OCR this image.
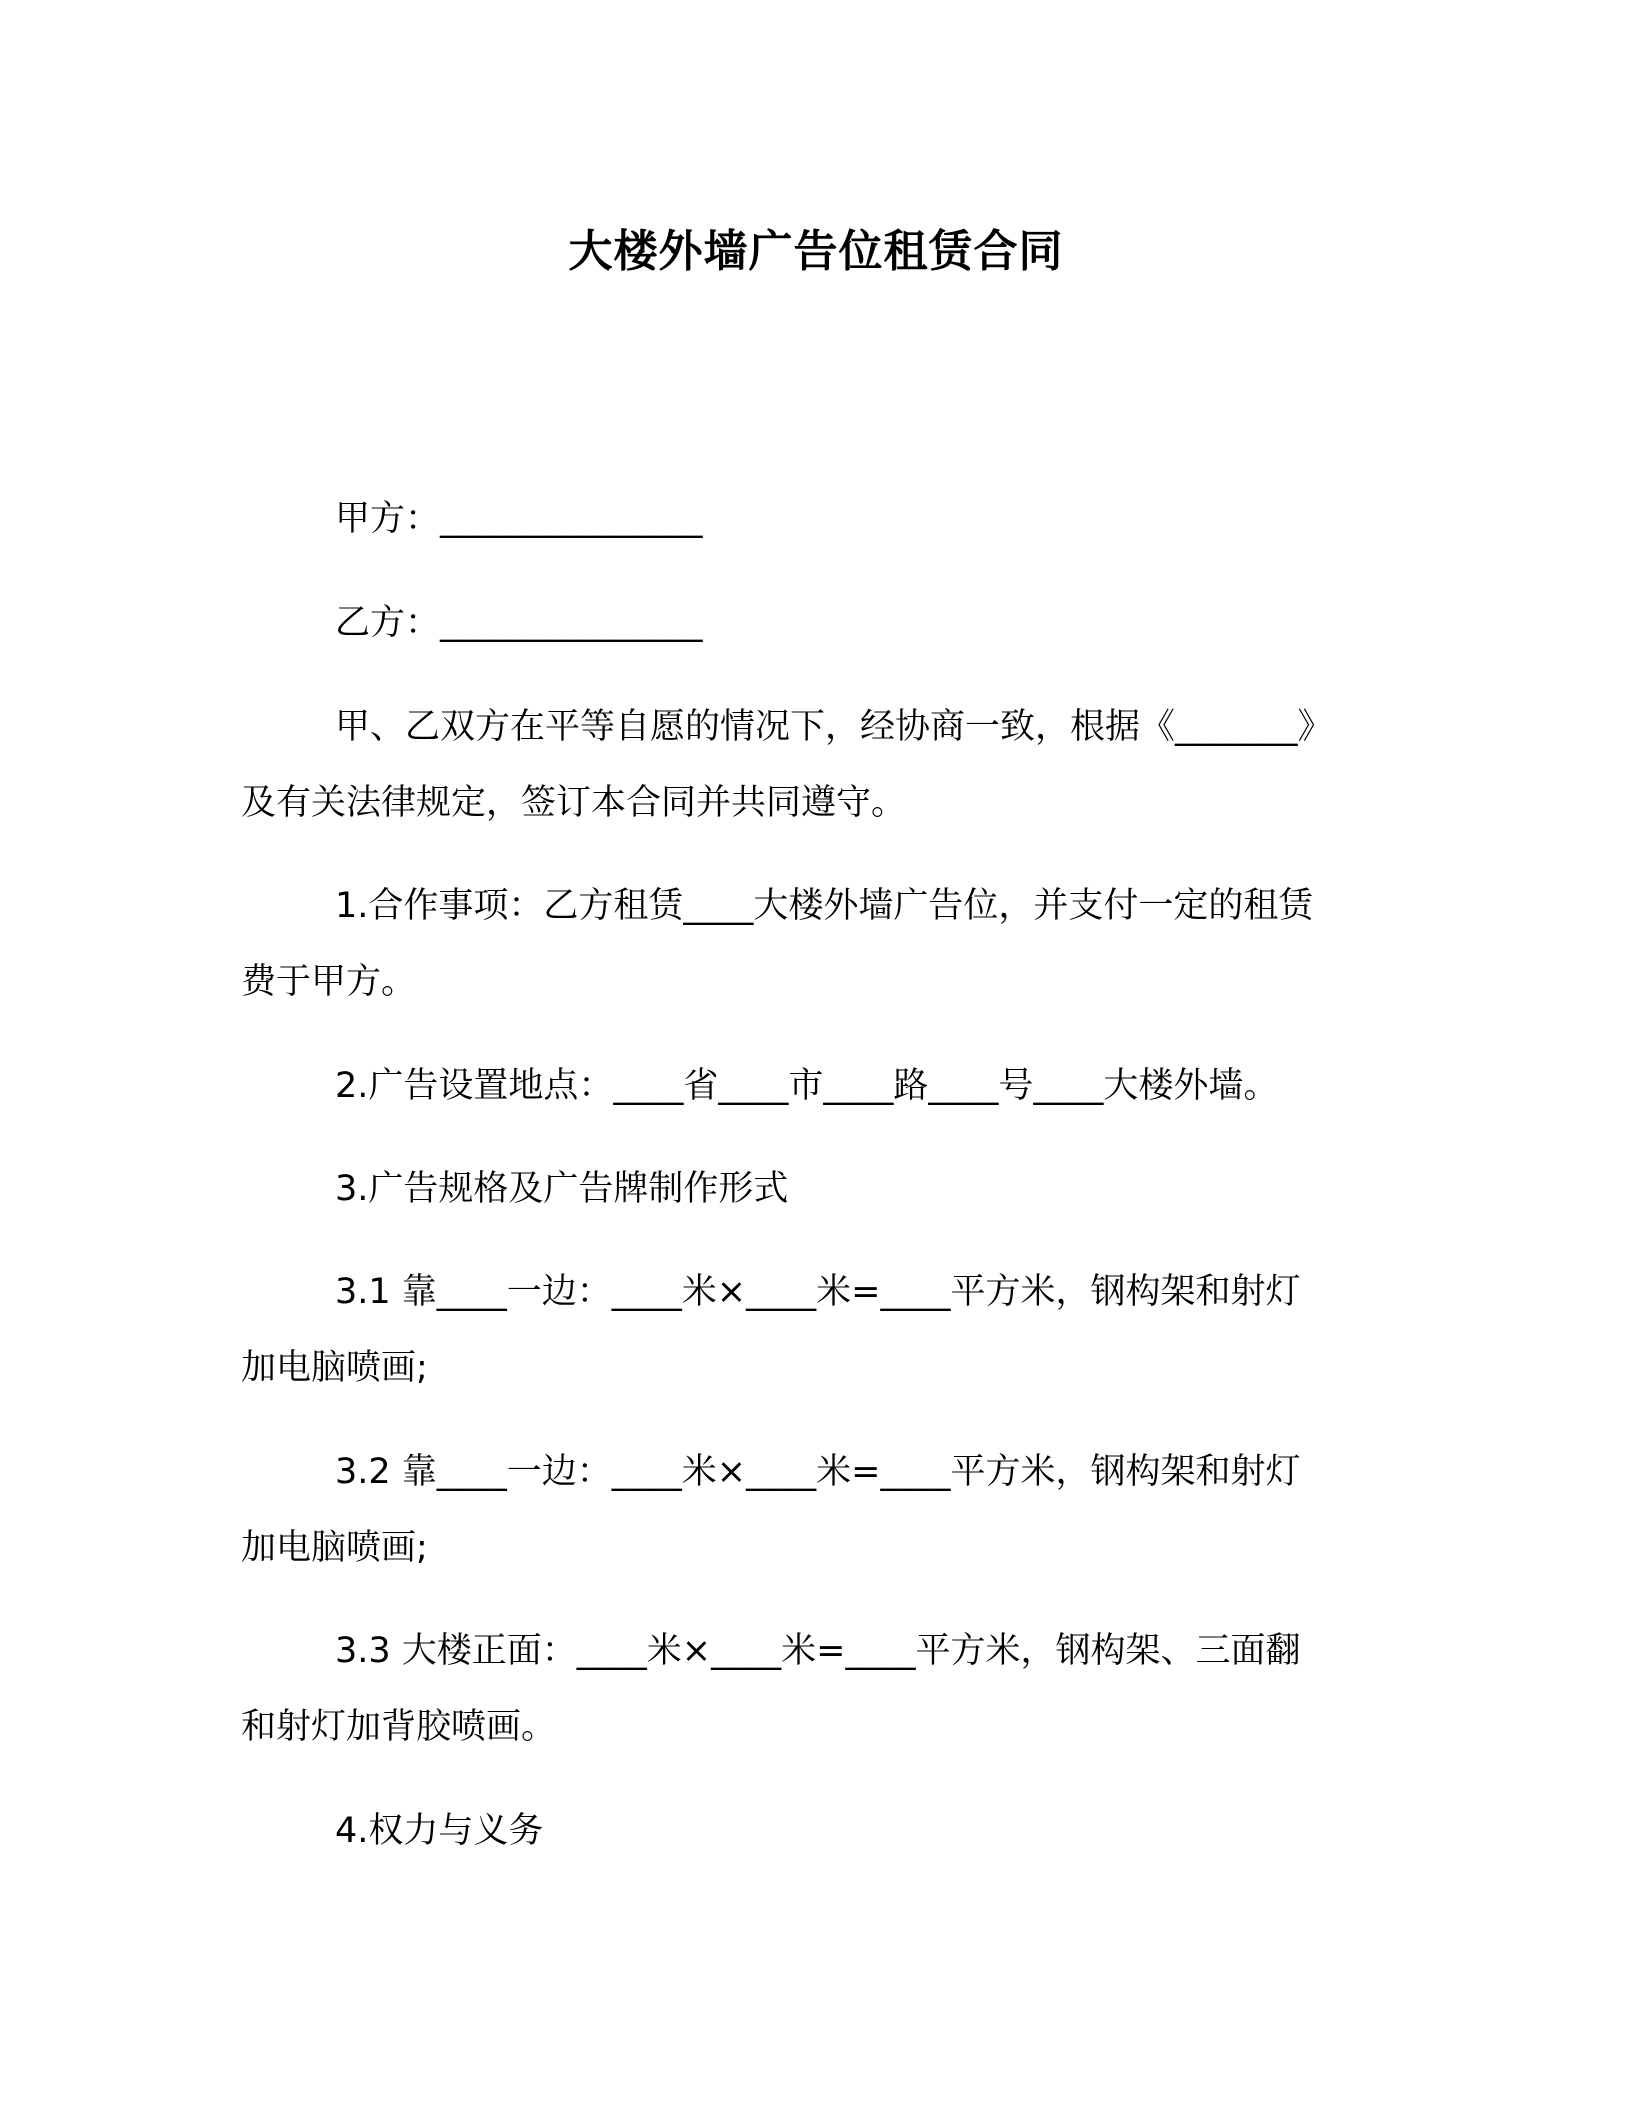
大楼外墙广告位租赁合同
甲方：_______________
乙方：_______________
甲、乙双方在平等自愿的情况下，经协商一致，根据《_______》
及有关法律规定，签订本合同并共同遵守。
1.合作事项：乙方租赁____大楼外墙广告位，并支付一定的租赁
费于甲方。
2.广告设置地点：____省____市____路____号____大楼外墙。
3.广告规格及广告牌制作形式
3.1 靠____一边：____米×____米=____平方米，钢构架和射灯
加电脑喷画;
3.2 靠____一边：____米×____米=____平方米，钢构架和射灯
加电脑喷画;
3.3 大楼正面：____米×____米=____平方米，钢构架、三面翻
和射灯加背胶喷画。
4.权力与义务
